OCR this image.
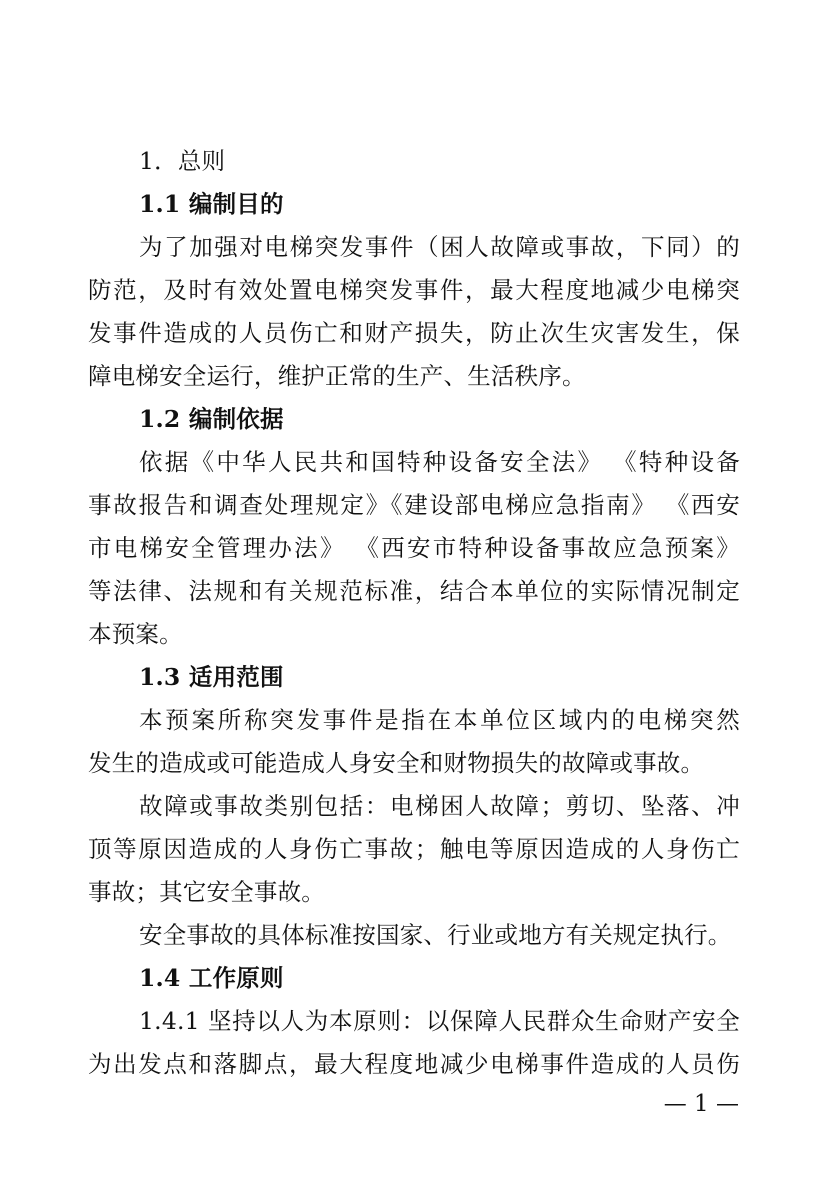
1．总则
1.1 编制目的
为了加强对电梯突发事件（困人故障或事故，下同）的
防范，及时有效处置电梯突发事件，最大程度地减少电梯突
发事件造成的人员伤亡和财产损失，防止次生灾害发生，保
障电梯安全运行，维护正常的生产、生活秩序。
1.2 编制依据
依据《中华人民共和国特种设备安全法》 《特种设备
事故报告和调查处理规定》《建设部电梯应急指南》 《西安
市电梯安全管理办法》 《西安市特种设备事故应急预案》
等法律、法规和有关规范标准，结合本单位的实际情况制定
本预案。
1.3 适用范围
本预案所称突发事件是指在本单位区域内的电梯突然
发生的造成或可能造成人身安全和财物损失的故障或事故。
故障或事故类别包括：电梯困人故障；剪切、坠落、冲
顶等原因造成的人身伤亡事故；触电等原因造成的人身伤亡
事故；其它安全事故。
安全事故的具体标准按国家、行业或地方有关规定执行。
1.4 工作原则
1.4.1 坚持以人为本原则：以保障人民群众生命财产安全
为出发点和落脚点，最大程度地减少电梯事件造成的人员伤
— 1 —
